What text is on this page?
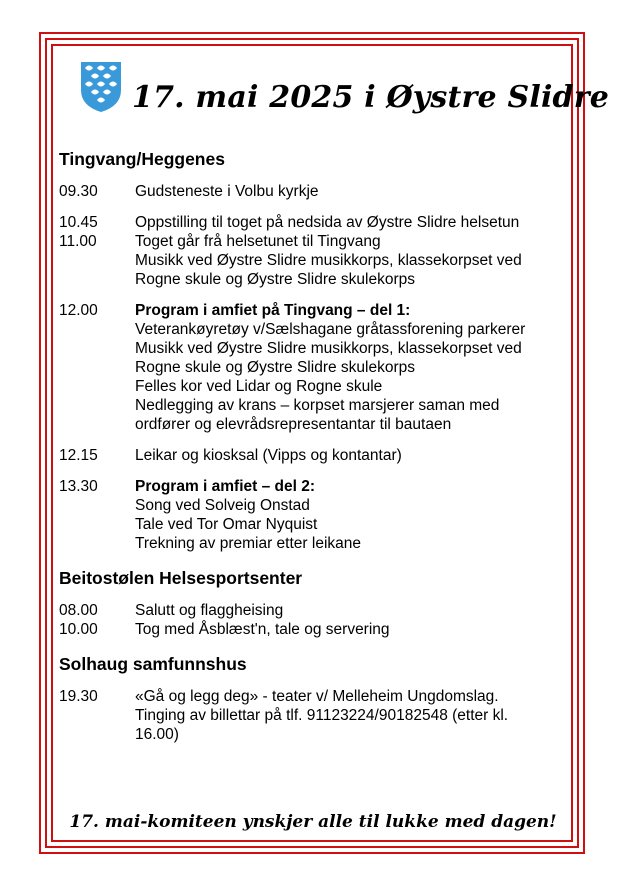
17. mai 2025 i Øystre Slidre
Tingvang/Heggenes
09.30	Gudsteneste i Volbu kyrkje
10.45	Oppstilling til toget på nedsida av Øystre Slidre helsetun
11.00	Toget går frå helsetunet til Tingvang
Musikk ved Øystre Slidre musikkorps, klassekorpset ved
Rogne skule og Øystre Slidre skulekorps
12.00	Program i amfiet på Tingvang – del 1:
Veterankøyretøy v/Sælshagane gråtassforening parkerer
Musikk ved Øystre Slidre musikkorps, klassekorpset ved
Rogne skule og Øystre Slidre skulekorps
Felles kor ved Lidar og Rogne skule
Nedlegging av krans – korpset marsjerer saman med
ordfører og elevrådsrepresentantar til bautaen
12.15	Leikar og kiosksal (Vipps og kontantar)
13.30	Program i amfiet – del 2:
Song ved Solveig Onstad
Tale ved Tor Omar Nyquist
Trekning av premiar etter leikane
Beitostølen Helsesportsenter
08.00	Salutt og flaggheising
10.00	Tog med Åsblæst'n, tale og servering
Solhaug samfunnshus
19.30	«Gå og legg deg» - teater v/ Melleheim Ungdomslag.
Tinging av billettar på tlf. 91123224/90182548 (etter kl.
16.00)
17. mai-komiteen ynskjer alle til lukke med dagen!
